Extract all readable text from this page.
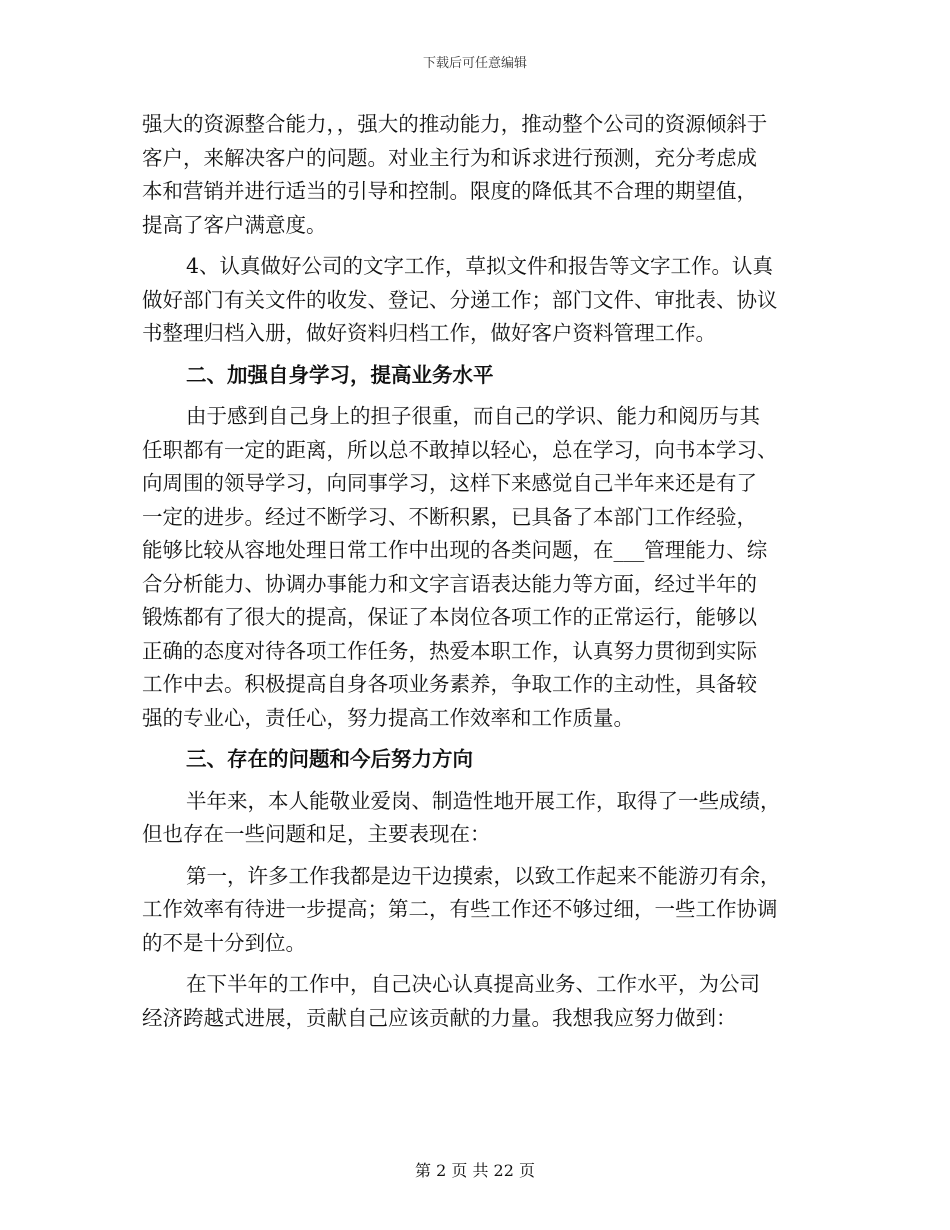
下载后可任意编辑
强大的资源整合能力，，强大的推动能力，推动整个公司的资源倾斜于
客户，来解决客户的问题。对业主行为和诉求进行预测，充分考虑成
本和营销并进行适当的引导和控制。限度的降低其不合理的期望值，
提高了客户满意度。
4、认真做好公司的文字工作，草拟文件和报告等文字工作。认真
做好部门有关文件的收发、登记、分递工作；部门文件、审批表、协议
书整理归档入册，做好资料归档工作，做好客户资料管理工作。
二、加强自身学习，提高业务水平
由于感到自己身上的担子很重，而自己的学识、能力和阅历与其
任职都有一定的距离，所以总不敢掉以轻心，总在学习，向书本学习、
向周围的领导学习，向同事学习，这样下来感觉自己半年来还是有了
一定的进步。经过不断学习、不断积累，已具备了本部门工作经验，
能够比较从容地处理日常工作中出现的各类问题，在___管理能力、综
合分析能力、协调办事能力和文字言语表达能力等方面，经过半年的
锻炼都有了很大的提高，保证了本岗位各项工作的正常运行，能够以
正确的态度对待各项工作任务，热爱本职工作，认真努力贯彻到实际
工作中去。积极提高自身各项业务素养，争取工作的主动性，具备较
强的专业心，责任心，努力提高工作效率和工作质量。
三、存在的问题和今后努力方向
半年来，本人能敬业爱岗、制造性地开展工作，取得了一些成绩，
但也存在一些问题和足，主要表现在：
第一，许多工作我都是边干边摸索，以致工作起来不能游刃有余，
工作效率有待进一步提高；第二，有些工作还不够过细，一些工作协调
的不是十分到位。
在下半年的工作中，自己决心认真提高业务、工作水平，为公司
经济跨越式进展，贡献自己应该贡献的力量。我想我应努力做到：
第 2 页 共 22 页
